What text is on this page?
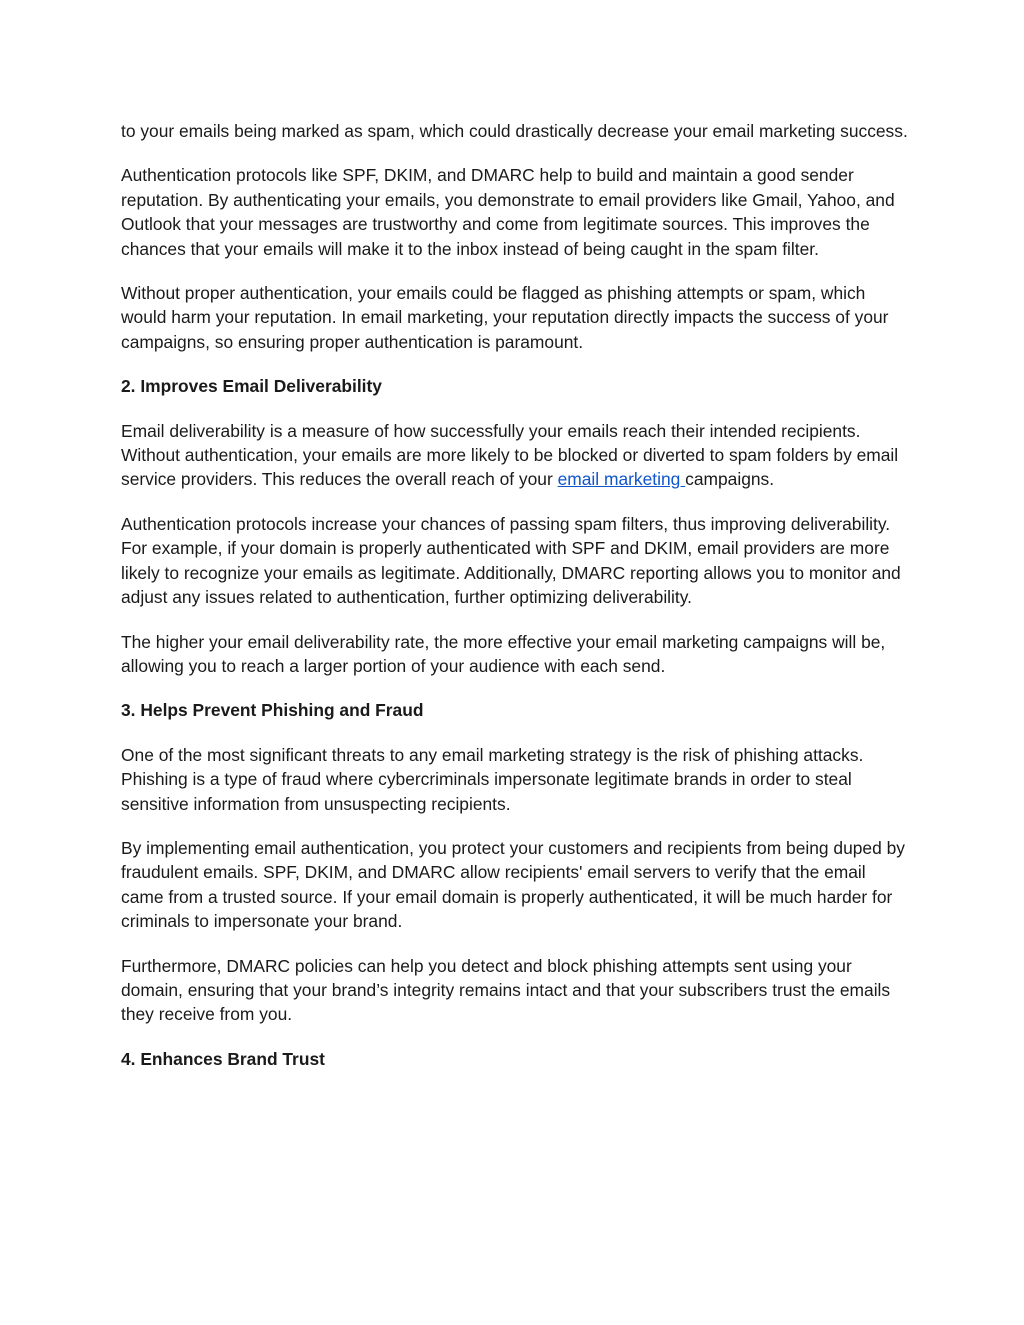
to your emails being marked as spam, which could drastically decrease your email marketing success.

Authentication protocols like SPF, DKIM, and DMARC help to build and maintain a good sender reputation. By authenticating your emails, you demonstrate to email providers like Gmail, Yahoo, and Outlook that your messages are trustworthy and come from legitimate sources. This improves the chances that your emails will make it to the inbox instead of being caught in the spam filter.

Without proper authentication, your emails could be flagged as phishing attempts or spam, which would harm your reputation. In email marketing, your reputation directly impacts the success of your campaigns, so ensuring proper authentication is paramount.

2. Improves Email Deliverability

Email deliverability is a measure of how successfully your emails reach their intended recipients. Without authentication, your emails are more likely to be blocked or diverted to spam folders by email service providers. This reduces the overall reach of your email marketing campaigns.

Authentication protocols increase your chances of passing spam filters, thus improving deliverability. For example, if your domain is properly authenticated with SPF and DKIM, email providers are more likely to recognize your emails as legitimate. Additionally, DMARC reporting allows you to monitor and adjust any issues related to authentication, further optimizing deliverability.

The higher your email deliverability rate, the more effective your email marketing campaigns will be, allowing you to reach a larger portion of your audience with each send.

3. Helps Prevent Phishing and Fraud

One of the most significant threats to any email marketing strategy is the risk of phishing attacks. Phishing is a type of fraud where cybercriminals impersonate legitimate brands in order to steal sensitive information from unsuspecting recipients.

By implementing email authentication, you protect your customers and recipients from being duped by fraudulent emails. SPF, DKIM, and DMARC allow recipients' email servers to verify that the email came from a trusted source. If your email domain is properly authenticated, it will be much harder for criminals to impersonate your brand.

Furthermore, DMARC policies can help you detect and block phishing attempts sent using your domain, ensuring that your brand’s integrity remains intact and that your subscribers trust the emails they receive from you.

4. Enhances Brand Trust
